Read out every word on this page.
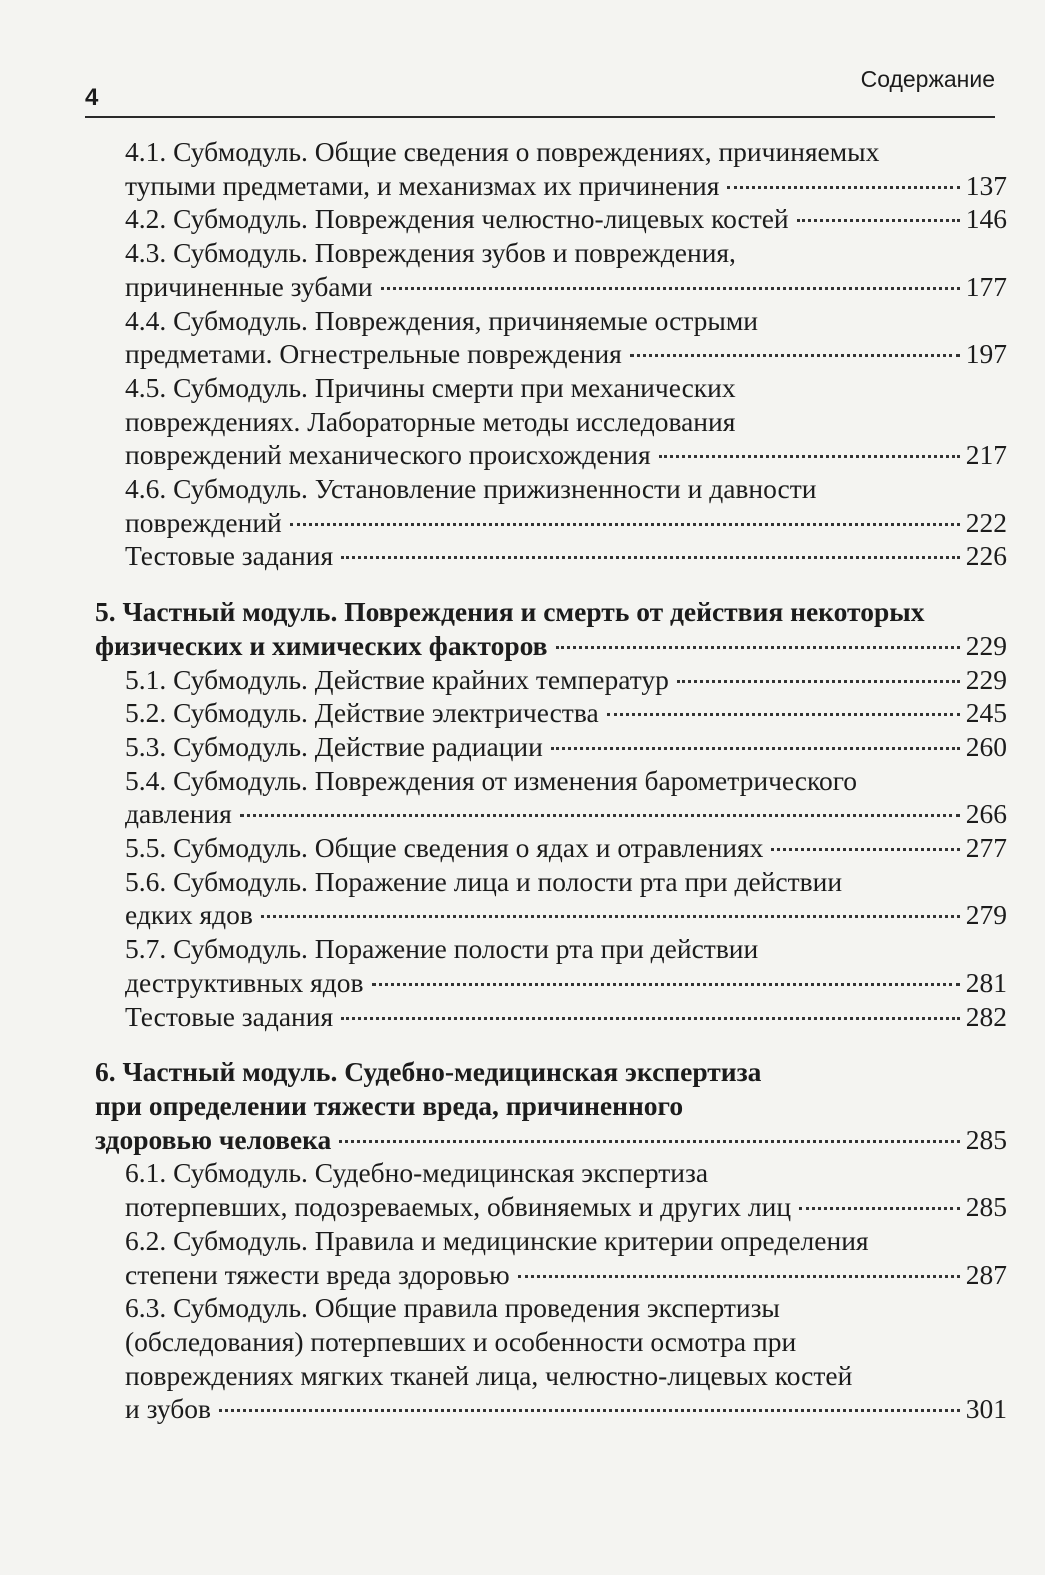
4
Содержание
4.1. Субмодуль. Общие сведения о повреждениях, причиняемых
тупыми предметами, и механизмах их причинения	137
4.2. Субмодуль. Повреждения челюстно-лицевых костей	146
4.3. Субмодуль. Повреждения зубов и повреждения,
причиненные зубами	177
4.4. Субмодуль. Повреждения, причиняемые острыми
предметами. Огнестрельные повреждения	197
4.5. Субмодуль. Причины смерти при механических
повреждениях. Лабораторные методы исследования
повреждений механического происхождения	217
4.6. Субмодуль. Установление прижизненности и давности
повреждений	222
Тестовые задания	226
5. Частный модуль. Повреждения и смерть от действия некоторых
физических и химических факторов	229
5.1. Субмодуль. Действие крайних температур	229
5.2. Субмодуль. Действие электричества	245
5.3. Субмодуль. Действие радиации	260
5.4. Субмодуль. Повреждения от изменения барометрического
давления	266
5.5. Субмодуль. Общие сведения о ядах и отравлениях	277
5.6. Субмодуль. Поражение лица и полости рта при действии
едких ядов	279
5.7. Субмодуль. Поражение полости рта при действии
деструктивных ядов	281
Тестовые задания	282
6. Частный модуль. Судебно-медицинская экспертиза
при определении тяжести вреда, причиненного
здоровью человека	285
6.1. Субмодуль. Судебно-медицинская экспертиза
потерпевших, подозреваемых, обвиняемых и других лиц	285
6.2. Субмодуль. Правила и медицинские критерии определения
степени тяжести вреда здоровью	287
6.3. Субмодуль. Общие правила проведения экспертизы
(обследования) потерпевших и особенности осмотра при
повреждениях мягких тканей лица, челюстно-лицевых костей
и зубов	301
